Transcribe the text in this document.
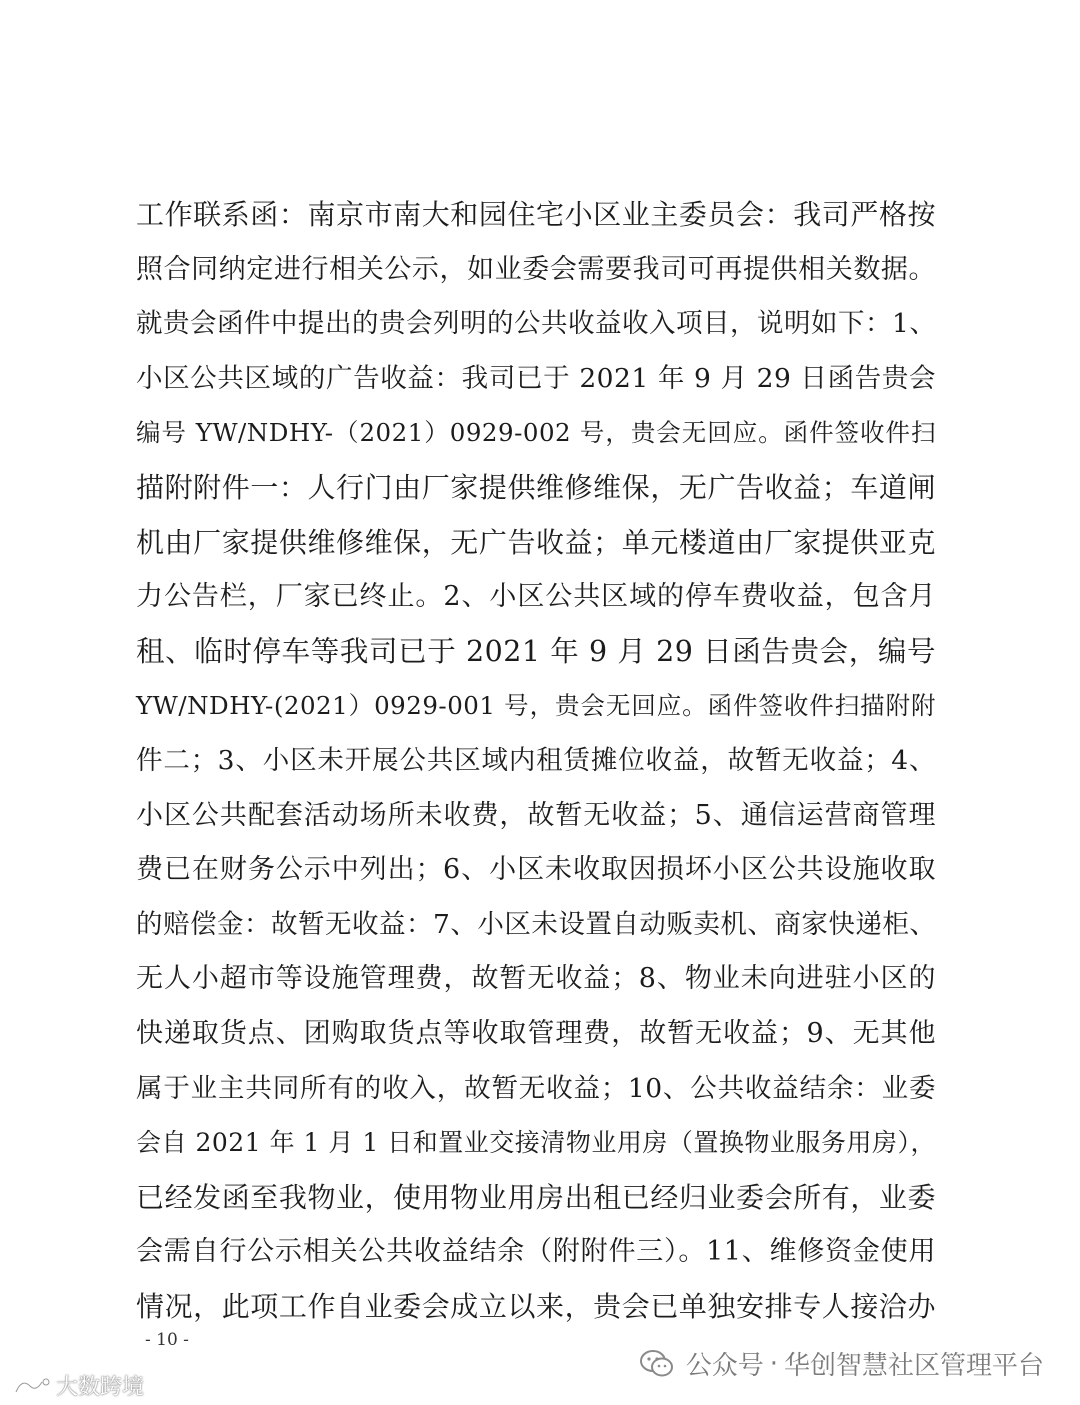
工作联系函：南京市南大和园住宅小区业主委员会：我司严格按
照合同纳定进行相关公示，如业委会需要我司可再提供相关数据。
就贵会函件中提出的贵会列明的公共收益收入项目，说明如下：1、
小区公共区域的广告收益：我司已于 2021 年 9 月 29 日函告贵会
编号 YW/NDHY-（2021）0929-002 号，贵会无回应。函件签收件扫
描附附件一：人行门由厂家提供维修维保，无广告收益；车道闸
机由厂家提供维修维保，无广告收益；单元楼道由厂家提供亚克
力公告栏，厂家已终止。2、小区公共区域的停车费收益，包含月
租、临时停车等我司已于 2021 年 9 月 29 日函告贵会，编号
YW/NDHY-(2021）0929-001 号，贵会无回应。函件签收件扫描附附
件二；3、小区未开展公共区域内租赁摊位收益，故暂无收益；4、
小区公共配套活动场所未收费，故暂无收益；5、通信运营商管理
费已在财务公示中列出；6、小区未收取因损坏小区公共设施收取
的赔偿金：故暂无收益：7、小区未设置自动贩卖机、商家快递柜、
无人小超市等设施管理费，故暂无收益；8、物业未向进驻小区的
快递取货点、团购取货点等收取管理费，故暂无收益；9、无其他
属于业主共同所有的收入，故暂无收益；10、公共收益结余：业委
会自 2021 年 1 月 1 日和置业交接清物业用房（置换物业服务用房），
已经发函至我物业，使用物业用房出租已经归业委会所有，业委
会需自行公示相关公共收益结余（附附件三）。11、维修资金使用
情况，此项工作自业委会成立以来，贵会已单独安排专人接洽办
- 10 -
公众号 · 华创智慧社区管理平台
大数跨境
